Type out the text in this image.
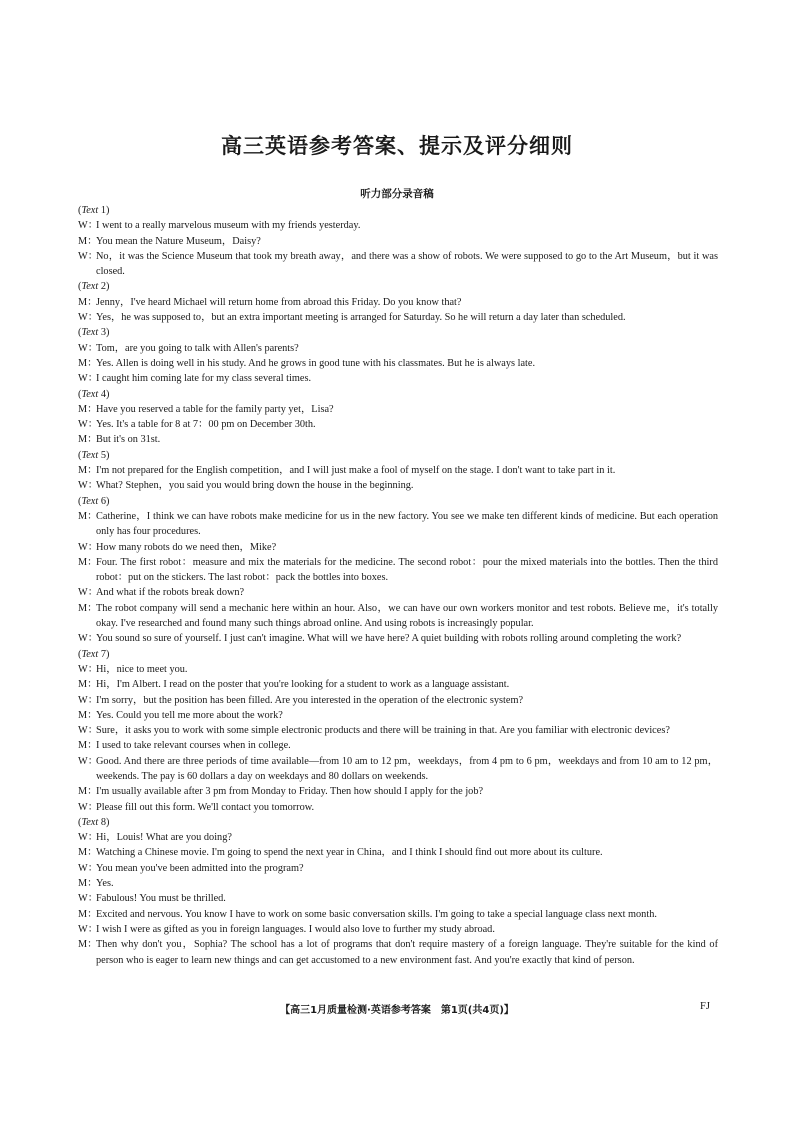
高三英语参考答案、提示及评分细则
听力部分录音稿
(Text 1)
W：
I went to a really marvelous museum with my friends yesterday.
M：
You mean the Nature Museum，Daisy?
W：
No，it was the Science Museum that took my breath away，and there was a show of robots. We were supposed to go to the Art Museum，but it was closed.
(Text 2)
M：
Jenny，I've heard Michael will return home from abroad this Friday. Do you know that?
W：
Yes，he was supposed to，but an extra important meeting is arranged for Saturday. So he will return a day later than scheduled.
(Text 3)
W：
Tom，are you going to talk with Allen's parents?
M：
Yes. Allen is doing well in his study. And he grows in good tune with his classmates. But he is always late.
W：
I caught him coming late for my class several times.
(Text 4)
M：
Have you reserved a table for the family party yet，Lisa?
W：
Yes. It's a table for 8 at 7：00 pm on December 30th.
M：
But it's on 31st.
(Text 5)
M：
I'm not prepared for the English competition，and I will just make a fool of myself on the stage. I don't want to take part in it.
W：
What? Stephen，you said you would bring down the house in the beginning.
(Text 6)
M：
Catherine，I think we can have robots make medicine for us in the new factory. You see we make ten different kinds of medicine. But each operation only has four procedures.
W：
How many robots do we need then，Mike?
M：
Four. The first robot：measure and mix the materials for the medicine. The second robot：pour the mixed materials into the bottles. Then the third robot：put on the stickers. The last robot：pack the bottles into boxes.
W：
And what if the robots break down?
M：
The robot company will send a mechanic here within an hour. Also，we can have our own workers monitor and test robots. Believe me，it's totally okay. I've researched and found many such things abroad online. And using robots is increasingly popular.
W：
You sound so sure of yourself. I just can't imagine. What will we have here? A quiet building with robots rolling around completing the work?
(Text 7)
W：
Hi，nice to meet you.
M：
Hi，I'm Albert. I read on the poster that you're looking for a student to work as a language assistant.
W：
I'm sorry，but the position has been filled. Are you interested in the operation of the electronic system?
M：
Yes. Could you tell me more about the work?
W：
Sure，it asks you to work with some simple electronic products and there will be training in that. Are you familiar with electronic devices?
M：
I used to take relevant courses when in college.
W：
Good. And there are three periods of time available—from 10 am to 12 pm，weekdays，from 4 pm to 6 pm，weekdays and from 10 am to 12 pm，weekends. The pay is 60 dollars a day on weekdays and 80 dollars on weekends.
M：
I'm usually available after 3 pm from Monday to Friday. Then how should I apply for the job?
W：
Please fill out this form. We'll contact you tomorrow.
(Text 8)
W：
Hi，Louis! What are you doing?
M：
Watching a Chinese movie. I'm going to spend the next year in China，and I think I should find out more about its culture.
W：
You mean you've been admitted into the program?
M：
Yes.
W：
Fabulous! You must be thrilled.
M：
Excited and nervous. You know I have to work on some basic conversation skills. I'm going to take a special language class next month.
W：
I wish I were as gifted as you in foreign languages. I would also love to further my study abroad.
M：
Then why don't you，Sophia? The school has a lot of programs that don't require mastery of a foreign language. They're suitable for the kind of person who is eager to learn new things and can get accustomed to a new environment fast. And you're exactly that kind of person.
【高三1月质量检测·英语参考答案　第1页(共4页)】	FJ
